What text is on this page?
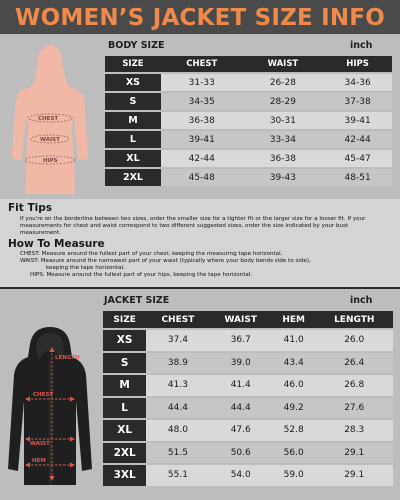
WOMEN’S JACKET SIZE INFO
CHEST
WAIST
HIPS
BODY SIZE	inch
SIZE	CHEST	WAIST	HIPS
XS	31-33	26-28	34-36
S	34-35	28-29	37-38
M	36-38	30-31	39-41
L	39-41	33-34	42-44
XL	42-44	36-38	45-47
2XL	45-48	39-43	48-51
Fit Tips
If you're on the borderline between two sizes, order the smaller size for a tighter fit or the larger size for a looser fit. If your measurements for chest and waist correspond to two different suggested sizes, order the size indicated by your bust measurement.
How To Measure
CHEST: Measure around the fullest part of your chest, keeping the measuring tape horizontal.
WAIST: Measure around the narrowest part of your waist (typically where your body bends side to side),
keeping the tape horizontal.
HIPS: Measure around the fullest part of your hips, keeping the tape horizontal.
LENGTH
CHEST
WAIST
HEM
JACKET SIZE	inch
SIZE	CHEST	WAIST	HEM	LENGTH
XS	37.4	36.7	41.0	26.0
S	38.9	39.0	43.4	26.4
M	41.3	41.4	46.0	26.8
L	44.4	44.4	49.2	27.6
XL	48.0	47.6	52.8	28.3
2XL	51.5	50.6	56.0	29.1
3XL	55.1	54.0	59.0	29.1
